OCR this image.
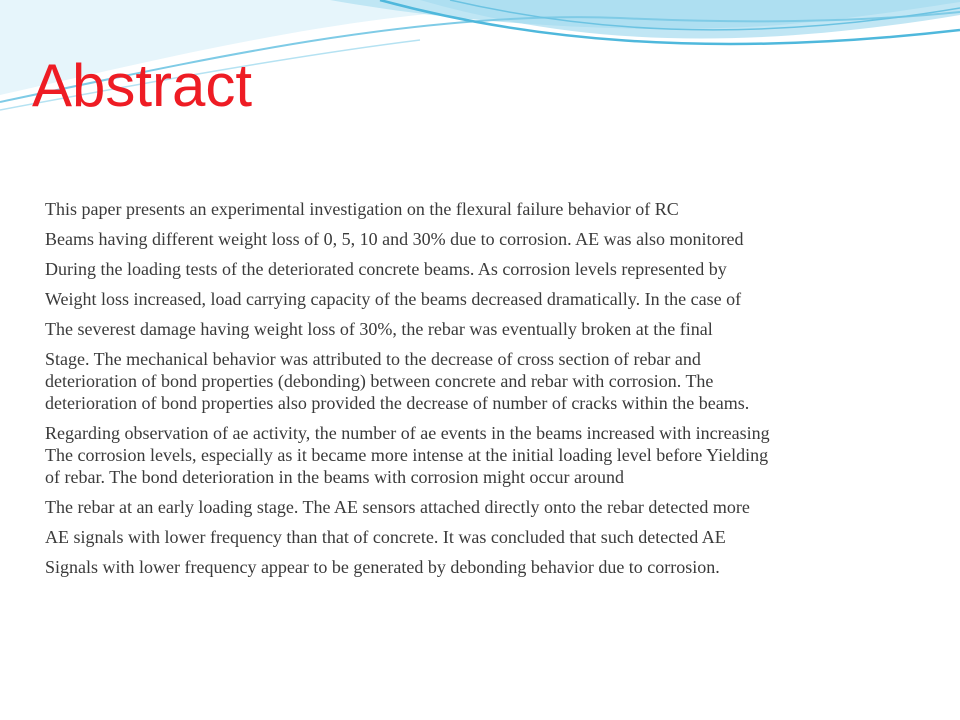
Abstract
This paper presents an experimental investigation on the flexural failure behavior of RC
Beams having different weight loss of 0, 5, 10 and 30% due to corrosion. AE was also monitored
During the loading tests of the deteriorated concrete beams. As corrosion levels represented by
Weight loss increased, load carrying capacity of the beams decreased dramatically. In the case of
The severest damage having weight loss of 30%, the rebar was eventually broken at the final
Stage. The mechanical behavior was attributed to the decrease of cross section of rebar and
deterioration of bond properties (debonding) between concrete and rebar with corrosion. The
deterioration of bond properties also provided the decrease of number of cracks within the beams.
Regarding observation of ae activity, the number of ae events in the beams increased with increasing
The corrosion levels, especially as it became more intense at the initial loading level before Yielding
of rebar. The bond deterioration in the beams with corrosion might occur around
The rebar at an early loading stage. The AE sensors attached directly onto the rebar detected more
AE signals with lower frequency than that of concrete. It was concluded that such detected AE
Signals with lower frequency appear to be generated by debonding behavior due to corrosion.
